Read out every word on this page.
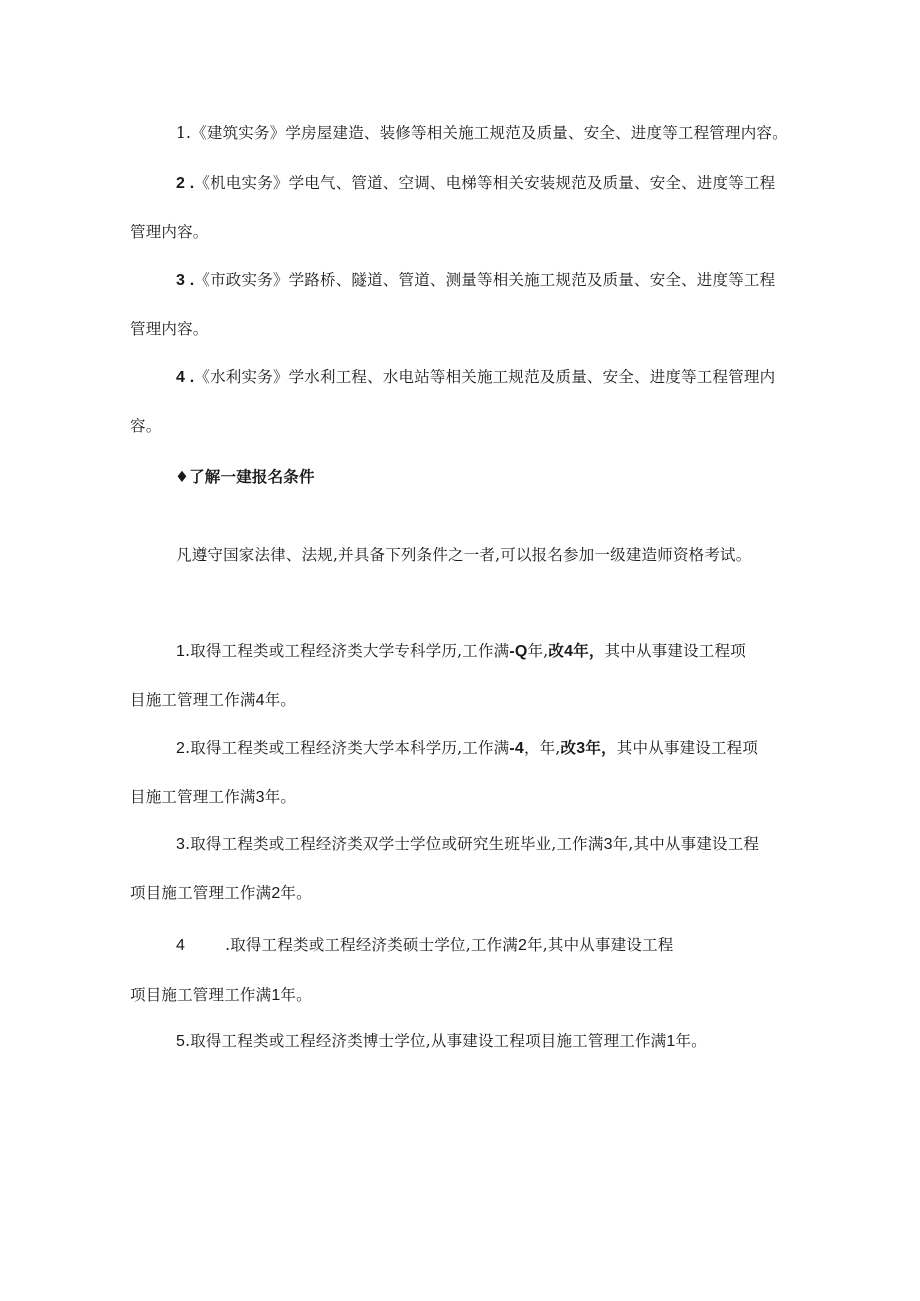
1.《建筑实务》学房屋建造、装修等相关施工规范及质量、安全、进度等工程管理内容。
2 .《机电实务》学电气、管道、空调、电梯等相关安装规范及质量、安全、进度等工程
管理内容。
3 .《市政实务》学路桥、隧道、管道、测量等相关施工规范及质量、安全、进度等工程
管理内容。
4 .《水利实务》学水利工程、水电站等相关施工规范及质量、安全、进度等工程管理内
容。
♦了解一建报名条件
凡遵守国家法律、法规,并具备下列条件之一者,可以报名参加一级建造师资格考试。
1.取得工程类或工程经济类大学专科学历,工作满-Q年,改4年，其中从事建设工程项
目施工管理工作满4年。
2.取得工程类或工程经济类大学本科学历,工作满-4，年,改3年，其中从事建设工程项
目施工管理工作满3年。
3.取得工程类或工程经济类双学士学位或研究生班毕业,工作满3年,其中从事建设工程
项目施工管理工作满2年。
4	.取得工程类或工程经济类硕士学位,工作满2年,其中从事建设工程
项目施工管理工作满1年。
5.取得工程类或工程经济类博士学位,从事建设工程项目施工管理工作满1年。
